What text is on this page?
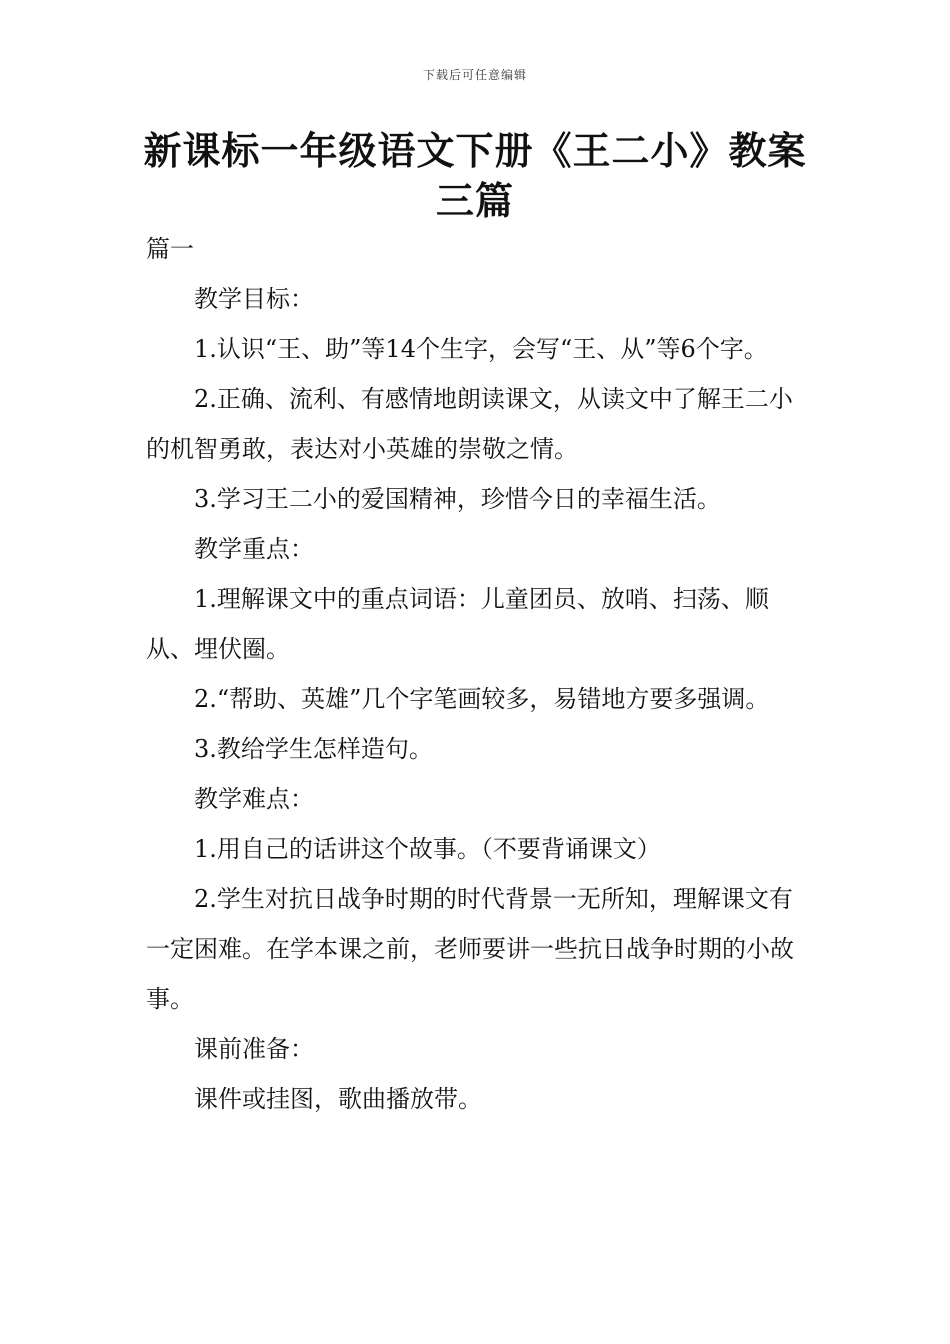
下载后可任意编辑
新课标一年级语文下册《王二小》教案三篇

篇一

教学目标：

1.认识“王、助”等14个生字，会写“王、从”等6个字。

2.正确、流利、有感情地朗读课文，从读文中了解王二小的机智勇敢，表达对小英雄的崇敬之情。

3.学习王二小的爱国精神，珍惜今日的幸福生活。

教学重点：

1.理解课文中的重点词语：儿童团员、放哨、扫荡、顺从、埋伏圈。

2.“帮助、英雄”几个字笔画较多，易错地方要多强调。

3.教给学生怎样造句。

教学难点：

1.用自己的话讲这个故事。（不要背诵课文）

2.学生对抗日战争时期的时代背景一无所知，理解课文有一定困难。在学本课之前，老师要讲一些抗日战争时期的小故事。

课前准备：

课件或挂图，歌曲播放带。
